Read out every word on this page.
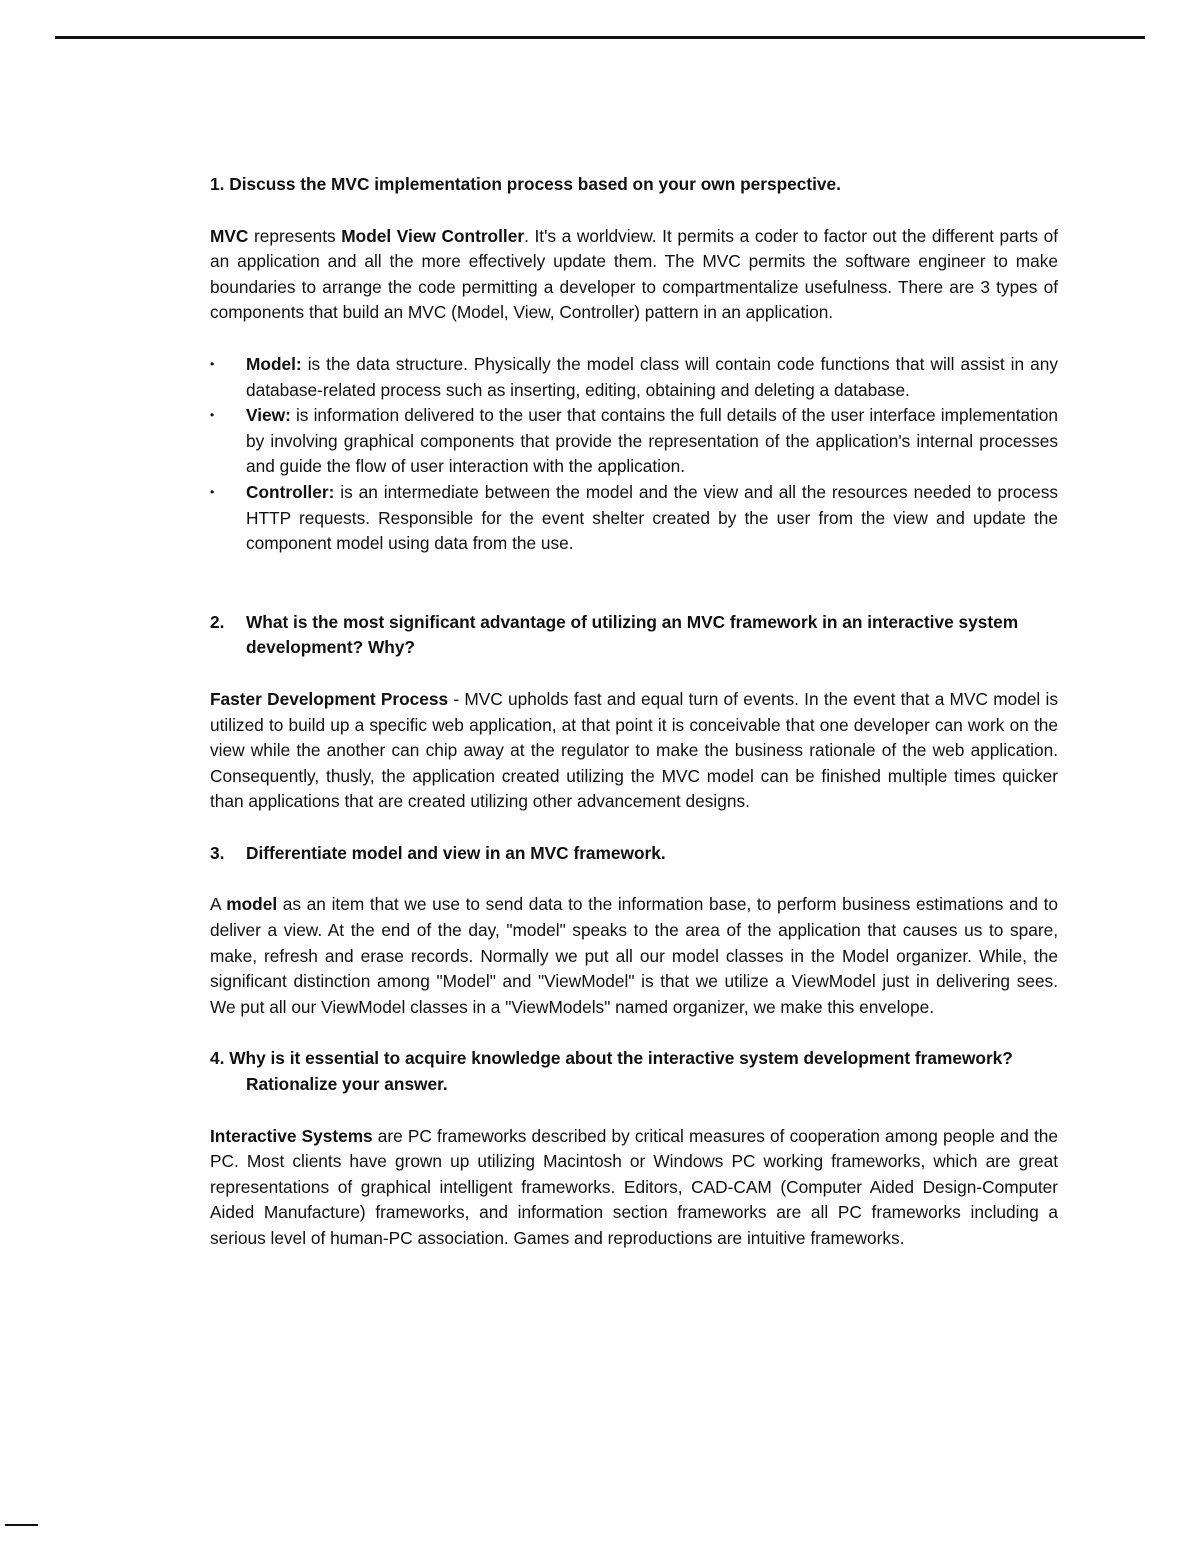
1. Discuss the MVC implementation process based on your own perspective.

MVC represents Model View Controller. It's a worldview. It permits a coder to factor out the different parts of an application and all the more effectively update them. The MVC permits the software engineer to make boundaries to arrange the code permitting a developer to compartmentalize usefulness. There are 3 types of components that build an MVC (Model, View, Controller) pattern in an application.

• Model: is the data structure. Physically the model class will contain code functions that will assist in any database-related process such as inserting, editing, obtaining and deleting a database.
• View: is information delivered to the user that contains the full details of the user interface implementation by involving graphical components that provide the representation of the application's internal processes and guide the flow of user interaction with the application.
• Controller: is an intermediate between the model and the view and all the resources needed to process HTTP requests. Responsible for the event shelter created by the user from the view and update the component model using data from the use.
2.	What is the most significant advantage of utilizing an MVC framework in an interactive system development? Why?

Faster Development Process - MVC upholds fast and equal turn of events. In the event that a MVC model is utilized to build up a specific web application, at that point it is conceivable that one developer can work on the view while the another can chip away at the regulator to make the business rationale of the web application. Consequently, thusly, the application created utilizing the MVC model can be finished multiple times quicker than applications that are created utilizing other advancement designs.

3.	Differentiate model and view in an MVC framework.

A model as an item that we use to send data to the information base, to perform business estimations and to deliver a view. At the end of the day, "model" speaks to the area of the application that causes us to spare, make, refresh and erase records. Normally we put all our model classes in the Model organizer. While, the significant distinction among "Model" and "ViewModel" is that we utilize a ViewModel just in delivering sees. We put all our ViewModel classes in a "ViewModels" named organizer, we make this envelope.

4. Why is it essential to acquire knowledge about the interactive system development framework? Rationalize your answer.

Interactive Systems are PC frameworks described by critical measures of cooperation among people and the PC. Most clients have grown up utilizing Macintosh or Windows PC working frameworks, which are great representations of graphical intelligent frameworks. Editors, CAD-CAM (Computer Aided Design-Computer Aided Manufacture) frameworks, and information section frameworks are all PC frameworks including a serious level of human-PC association. Games and reproductions are intuitive frameworks.
